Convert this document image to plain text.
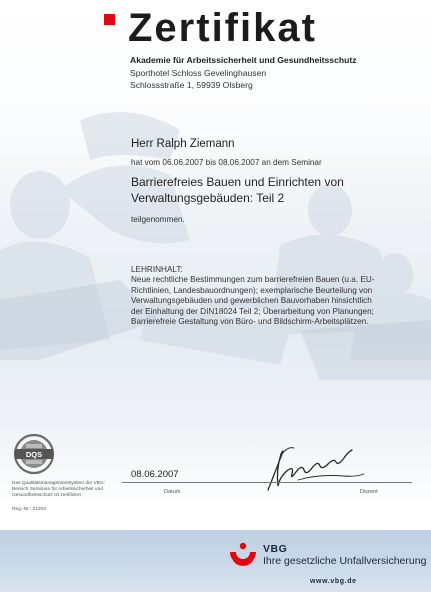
Zertifikat
Akademie für Arbeitssicherheit und Gesundheitsschutz
Sporthotel Schloss Gevelinghausen
Schlossstraße 1, 59939 Olsberg
Herr Ralph Ziemann
hat vom 06.06.2007 bis 08.06.2007 an dem Seminar
Barrierefreies Bauen und Einrichten von
Verwaltungsgebäuden: Teil 2
teilgenommen.
LEHRINHALT:
Neue rechtliche Bestimmungen zum barrierefreien Bauen (u.a. EU-
Richtlinien, Landesbauordnungen); exemplarische Beurteilung von
Verwaltungsgebäuden und gewerblichen Bauvorhaben hinsichtlich
der Einhaltung der DIN18024 Teil 2; Überarbeitung von Planungen;
Barrierefreie Gestaltung von Büro- und Bildschirm-Arbeitsplätzen.
DQS
Das Qualitätsmanagementsystem der VBG:
Bereich Seminare für Arbeitssicherheit und
Gesundheitsschutz ist zertifiziert
Reg.-Nr.: 21203
08.06.2007
Datum	Dozent
VBG
Ihre gesetzliche Unfallversicherung
www.vbg.de
